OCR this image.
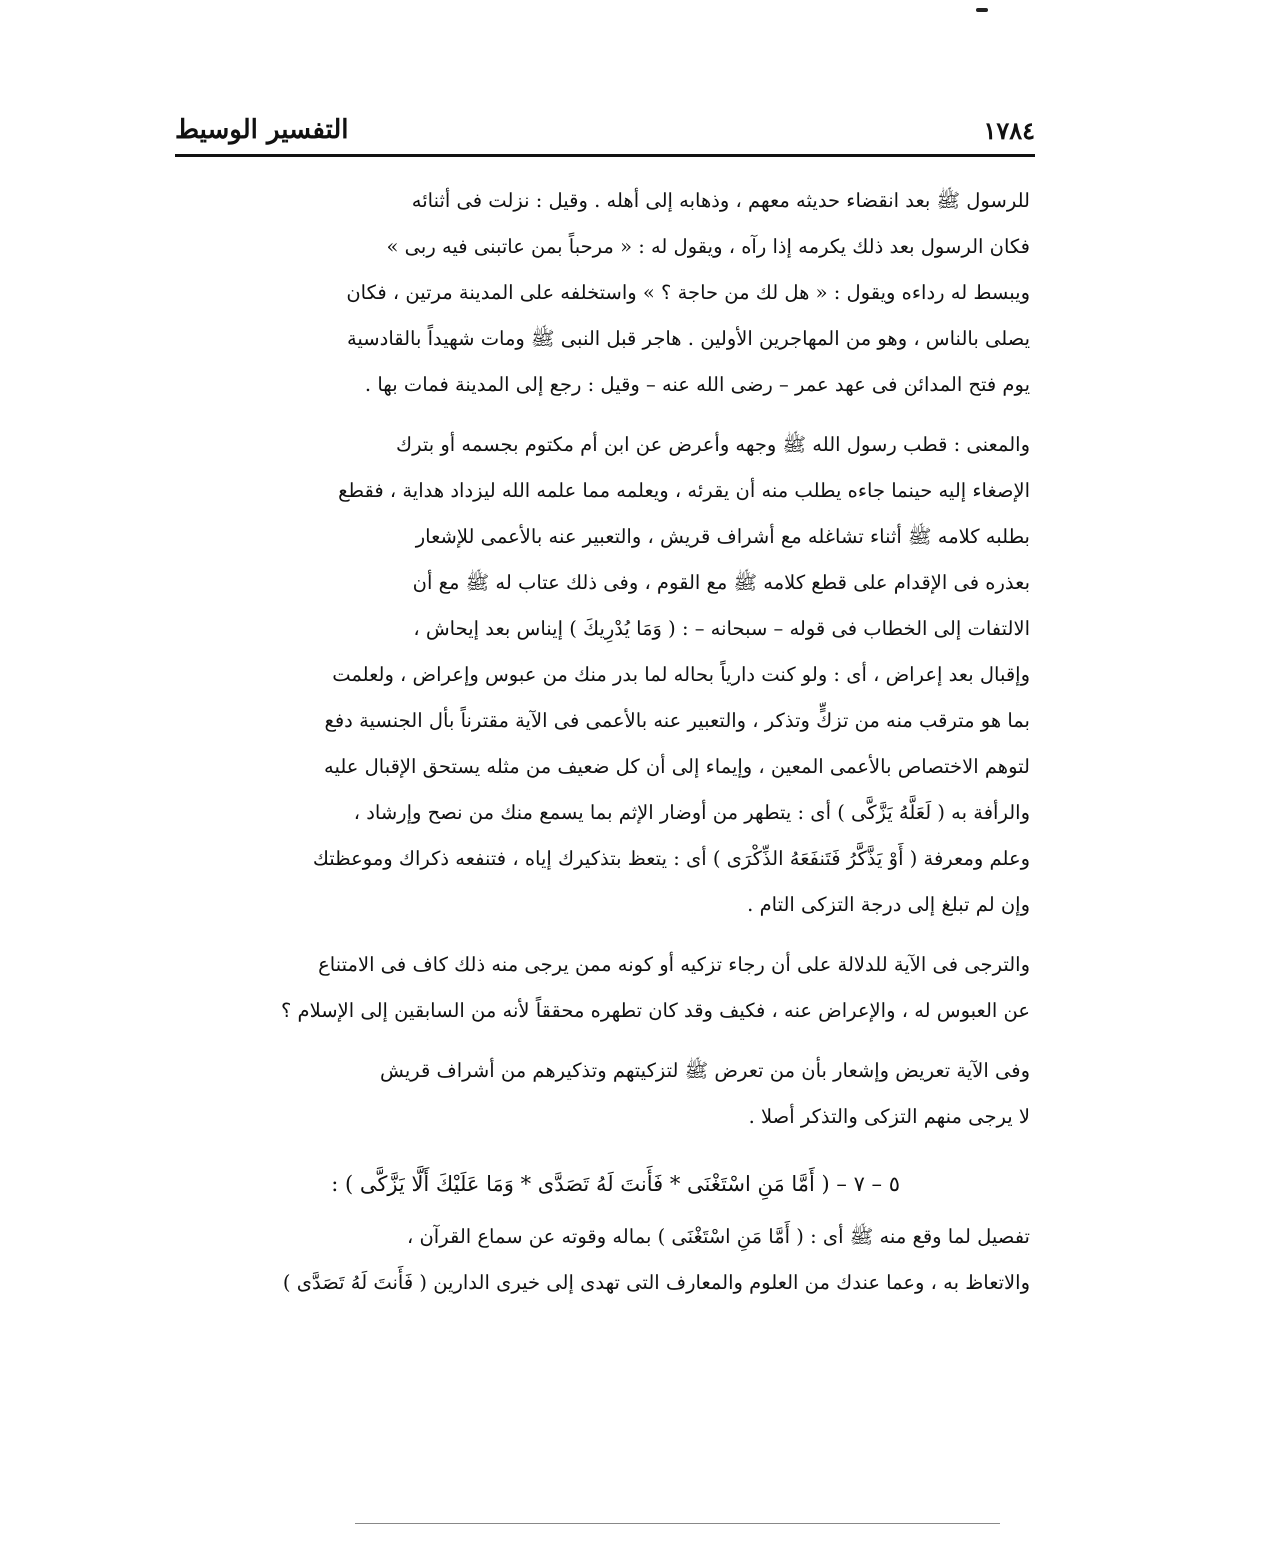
التفسير الوسيط	١٧٨٤
للرسول ﷺ بعد انقضاء حديثه معهم ، وذهابه إلى أهله . وقيل : نزلت فى أثنائه
فكان الرسول بعد ذلك يكرمه إذا رآه ، ويقول له : « مرحباً بمن عاتبنى فيه ربى »
ويبسط له رداءه ويقول : « هل لك من حاجة ؟ » واستخلفه على المدينة مرتين ، فكان
يصلى بالناس ، وهو من المهاجرين الأولين . هاجر قبل النبى ﷺ ومات شهيداً بالقادسية
يوم فتح المدائن فى عهد عمر – رضى الله عنه – وقيل : رجع إلى المدينة فمات بها .
والمعنى : قطب رسول الله ﷺ وجهه وأعرض عن ابن أم مكتوم بجسمه أو بترك
الإصغاء إليه حينما جاءه يطلب منه أن يقرئه ، ويعلمه مما علمه الله ليزداد هداية ، فقطع
بطلبه كلامه ﷺ أثناء تشاغله مع أشراف قريش ، والتعبير عنه بالأعمى للإشعار
بعذره فى الإقدام على قطع كلامه ﷺ مع القوم ، وفى ذلك عتاب له ﷺ مع أن
الالتفات إلى الخطاب فى قوله – سبحانه – : ( وَمَا يُدْرِيكَ ) إيناس بعد إيحاش ،
وإقبال بعد إعراض ، أى : ولو كنت دارياً بحاله لما بدر منك من عبوس وإعراض ، ولعلمت
بما هو مترقب منه من تزكٍّ وتذكر ، والتعبير عنه بالأعمى فى الآية مقترناً بأل الجنسية دفع
لتوهم الاختصاص بالأعمى المعين ، وإيماء إلى أن كل ضعيف من مثله يستحق الإقبال عليه
والرأفة به ( لَعَلَّهُ يَزَّكَّى ) أى : يتطهر من أوضار الإثم بما يسمع منك من نصح وإرشاد ،
وعلم ومعرفة ( أَوْ يَذَّكَّرُ فَتَنفَعَهُ الذِّكْرَى ) أى : يتعظ بتذكيرك إياه ، فتنفعه ذكراك وموعظتك
وإن لم تبلغ إلى درجة التزكى التام .
والترجى فى الآية للدلالة على أن رجاء تزكيه أو كونه ممن يرجى منه ذلك كاف فى الامتناع
عن العبوس له ، والإعراض عنه ، فكيف وقد كان تطهره محققاً لأنه من السابقين إلى الإسلام ؟
وفى الآية تعريض وإشعار بأن من تعرض ﷺ لتزكيتهم وتذكيرهم من أشراف قريش
لا يرجى منهم التزكى والتذكر أصلا .
٥ – ٧ – ( أَمَّا مَنِ اسْتَغْنَى * فَأَنتَ لَهُ تَصَدَّى * وَمَا عَلَيْكَ أَلَّا يَزَّكَّى ) :
تفصيل لما وقع منه ﷺ أى : ( أَمَّا مَنِ اسْتَغْنَى ) بماله وقوته عن سماع القرآن ،
والاتعاظ به ، وعما عندك من العلوم والمعارف التى تهدى إلى خيرى الدارين ( فَأَنتَ لَهُ تَصَدَّى )
